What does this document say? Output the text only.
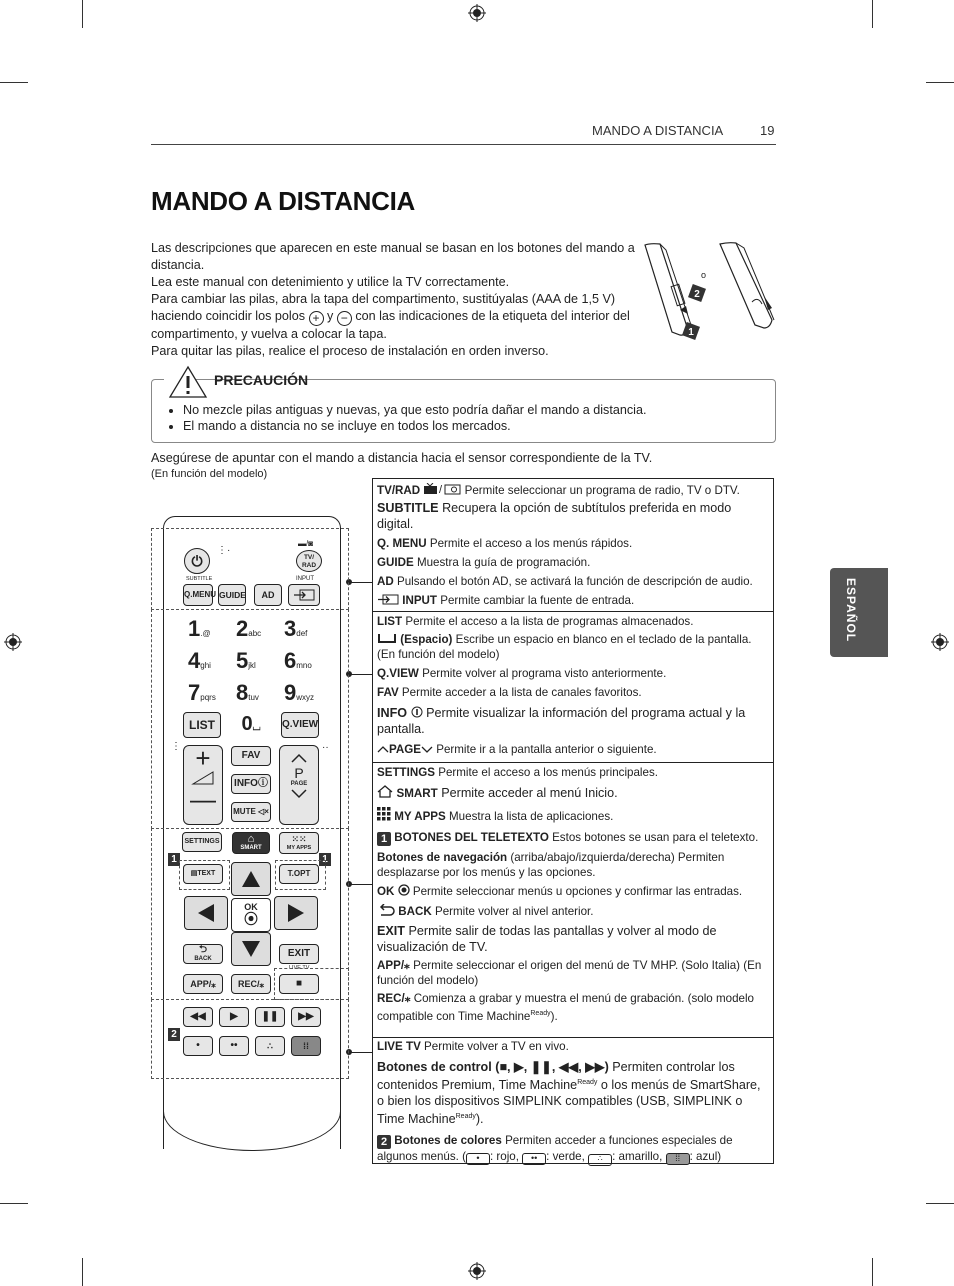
MANDO A DISTANCIA	19
MANDO A DISTANCIA
ESPAÑOL

Las descripciones que aparecen en este manual se basan en los botones del mando a distancia.

Lea este manual con detenimiento y utilice la TV correctamente.

Para cambiar las pilas, abra la tapa del compartimento, sustitúyalas (AAA de 1,5 V) haciendo coincidir los polos + y − con las indicaciones de la etiqueta del interior del compartimento, y vuelva a colocar la tapa.

Para quitar las pilas, realice el proceso de instalación en orden inverso.

2
1
o
PRECAUCIÓN
• No mezcle pilas antiguas y nuevas, ya que esto podría dañar el mando a distancia.
• El mando a distancia no se incluye en todos los mercados.
Asegúrese de apuntar con el mando a distancia hacia el sensor correspondiente de la TV.
(En función del modelo)

TV/RAD / Permite seleccionar un programa de radio, TV o DTV.

SUBTITLE Recupera la opción de subtítulos preferida en modo digital.

Q. MENU Permite el acceso a los menús rápidos.

GUIDE Muestra la guía de programación.

AD Pulsando el botón AD, se activará la función de descripción de audio.

INPUT Permite cambiar la fuente de entrada.

LIST Permite el acceso a la lista de programas almacenados.

(Espacio) Escribe un espacio en blanco en el teclado de la pantalla. (En función del modelo)

Q.VIEW Permite volver al programa visto anteriormente.

FAV Permite acceder a la lista de canales favoritos.

INFO Permite visualizar la información del programa actual y la pantalla.

PAGE Permite ir a la pantalla anterior o siguiente.

SETTINGS Permite el acceso a los menús principales.

SMART Permite acceder al menú Inicio.

MY APPS Muestra la lista de aplicaciones.

1 BOTONES DEL TELETEXTO Estos botones se usan para el teletexto.

Botones de navegación (arriba/abajo/izquierda/derecha) Permiten desplazarse por los menús y las opciones.

OK Permite seleccionar menús u opciones y confirmar las entradas.

BACK Permite volver al nivel anterior.

EXIT Permite salir de todas las pantallas y volver al modo de visualización de TV.

APP/⁎ Permite seleccionar el origen del menú de TV MHP. (Solo Italia) (En función del modelo)

REC/⁎ Comienza a grabar y muestra el menú de grabación. (solo modelo compatible con Time Machine$^{Ready}$).

LIVE TV Permite volver a TV en vivo.

Botones de control (■, ▶, ❚❚, ◀◀, ▶▶) Permiten controlar los contenidos Premium, Time Machine$^{Ready}$ o los menús de SmartShare, o bien los dispositivos SIMPLINK compatibles (USB, SIMPLINK o Time Machine$^{Ready}$).

2 Botones de colores Permiten acceder a funciones especiales de algunos menús. ( • : rojo, •• : verde, ∴ : amarillo, ⁞⁞ : azul)

⏻
⋮·
TV/ RAD
▬/◙
SUBTITLE	INPUT
Q.MENU GUIDE	AD
1.@ 2abc 3def
4ghi 5jkl 6mno
7pqrs 8tuv 9wxyz
LIST	0⌴	Q.VIEW
⋮	··
+
—
FAV
INFOⓘ
MUTE ◁×
P
PAGE
SETTINGS	⌂
SMART
⁙⁙
MY APPS
1	1
▤TEXT	T.OPT
OK
⦿
⮌
BACK	EXIT
APP/⁎	REC/⁎
LIVE TV
■
◀◀	▶	❚❚	▶▶
2
•	••	∴	⁞⁞
